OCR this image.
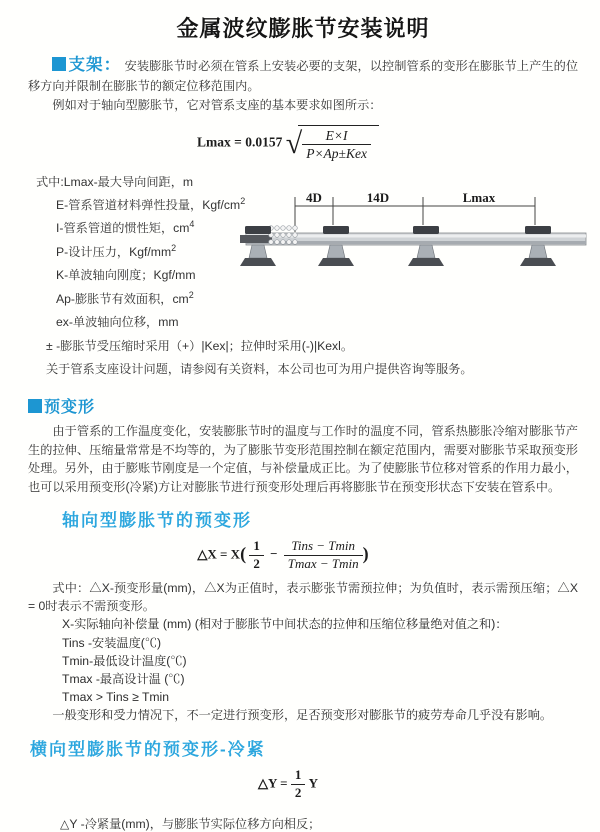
金属波纹膨胀节安装说明

支架： 安装膨胀节时必须在管系上安装必要的支架，以控制管系的变形在膨胀节上产生的位移方向并限制在膨胀节的额定位移范围内。

例如对于轴向型膨胀节，它对管系支座的基本要求如图所示：

Lmax = 0.0157 √ $\frac{E\times I}{\text{P×Ap±Kex}}$
式中:Lmax-最大导向间距，m
E-管系管道材料弹性投量，Kgf/$cm^2$
I-管系管道的惯性矩，$cm^4$
P-设计压力，Kgf/$mm^2$
K-单波轴向刚度；Kgf/mm
Ap-膨胀节有效面积，$cm^2$
ex-单波轴向位移，mm
± -膨胀节受压缩时采用（+）|Kex|；拉伸时采用(-)|Kexl。
关于管系支座设计问题，请参阅有关资料，本公司也可为用户提供咨询等服务。
4D	14D	Lmax
预变形

由于管系的工作温度变化，安装膨胀节时的温度与工作时的温度不同，管系热膨胀冷缩对膨胀节产生的拉伸、压缩量常常是不均等的，为了膨胀节变形范围控制在额定范围内，需要对膨胀节采取预变形处理。另外，由于膨账节刚度是一个定值，与补偿量成正比。为了使膨胀节位移对管系的作用力最小，也可以采用预变形(冷紧)方让对膨胀节进行预变形处理后再将膨胀节在预变形状态下安装在管系中。

轴向型膨胀节的预变形
△X = $X( \frac{1}{2} - \frac{\text{Tins − Tmin}}{Tmax - Tmin}$ )

式中：△X-预变形量(mm)，△X为正值时，表示膨张节需预拉伸；为负值时，表示需预压缩；△X = 0时表示不需预变形。

X-实际轴向补偿量 (mm) (相对于膨胀节中间状态的拉伸和压缩位移量绝对值之和)：

Tins -安装温度(℃)

Tmin-最低设计温度(℃)

Tmax -最高设计温 (℃)

Tmax > Tins ≥ Tmin

一般变形和受力情况下，不一定进行预变形，足否预变形对膨胀节的疲劳寿命几乎没有影响。

横向型膨胀节的预变形-冷紧
△Y = $\frac{1}{2}$ Y

△Y -冷紧量(mm)，与膨胀节实际位移方向相反；
